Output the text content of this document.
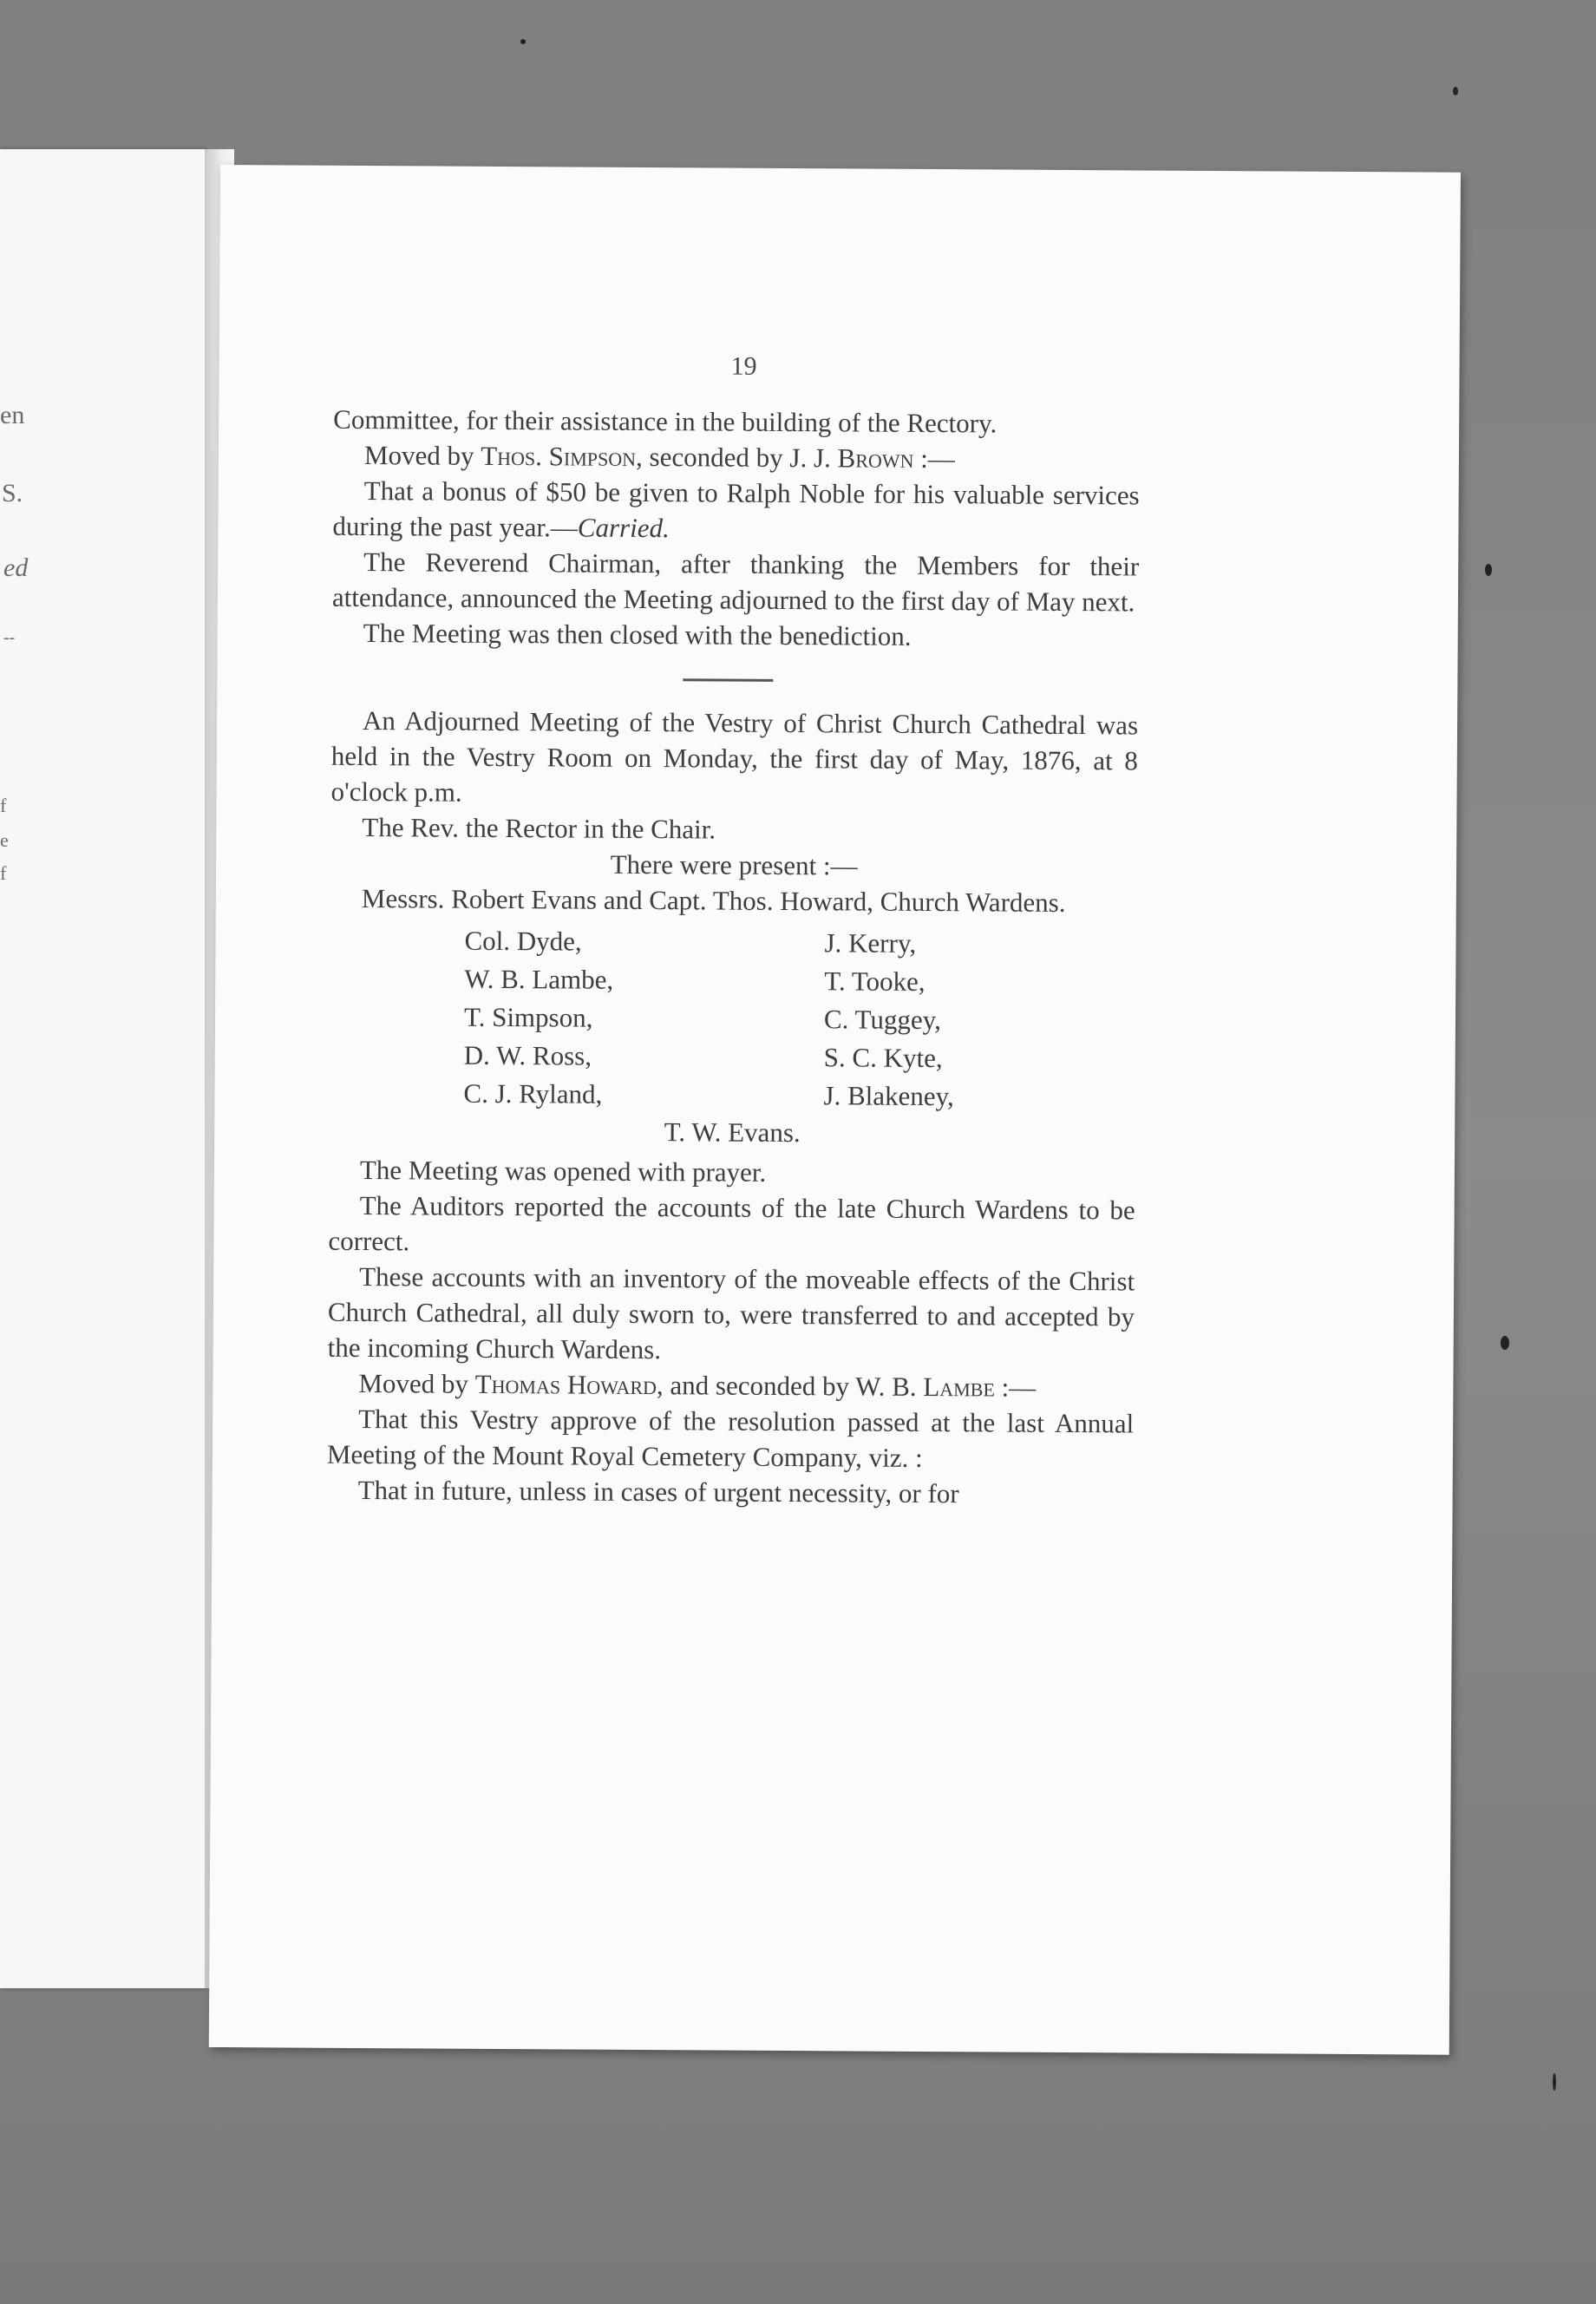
en
S.
ed
--
f
e
f
19

Committee, for their assistance in the building of the Rectory.

Moved by Thos. Simpson, seconded by J. J. Brown :—

That a bonus of $50 be given to Ralph Noble for his valuable services during the past year.—Carried.

The Reverend Chairman, after thanking the Members for their attendance, announced the Meeting adjourned to the first day of May next.

The Meeting was then closed with the benediction.

An Adjourned Meeting of the Vestry of Christ Church Cathedral was held in the Vestry Room on Monday, the first day of May, 1876, at 8 o'clock p.m.

The Rev. the Rector in the Chair.

There were present :—

Messrs. Robert Evans and Capt. Thos. Howard, Church Wardens.

Col. Dyde,
W. B. Lambe,
T. Simpson,
D. W. Ross,
C. J. Ryland,
J. Kerry,
T. Tooke,
C. Tuggey,
S. C. Kyte,
J. Blakeney,
T. W. Evans.

The Meeting was opened with prayer.

The Auditors reported the accounts of the late Church Wardens to be correct.

These accounts with an inventory of the moveable effects of the Christ Church Cathedral, all duly sworn to, were transferred to and accepted by the incoming Church Wardens.

Moved by Thomas Howard, and seconded by W. B. Lambe :—

That this Vestry approve of the resolution passed at the last Annual Meeting of the Mount Royal Cemetery Company, viz. :

That in future, unless in cases of urgent necessity, or for
